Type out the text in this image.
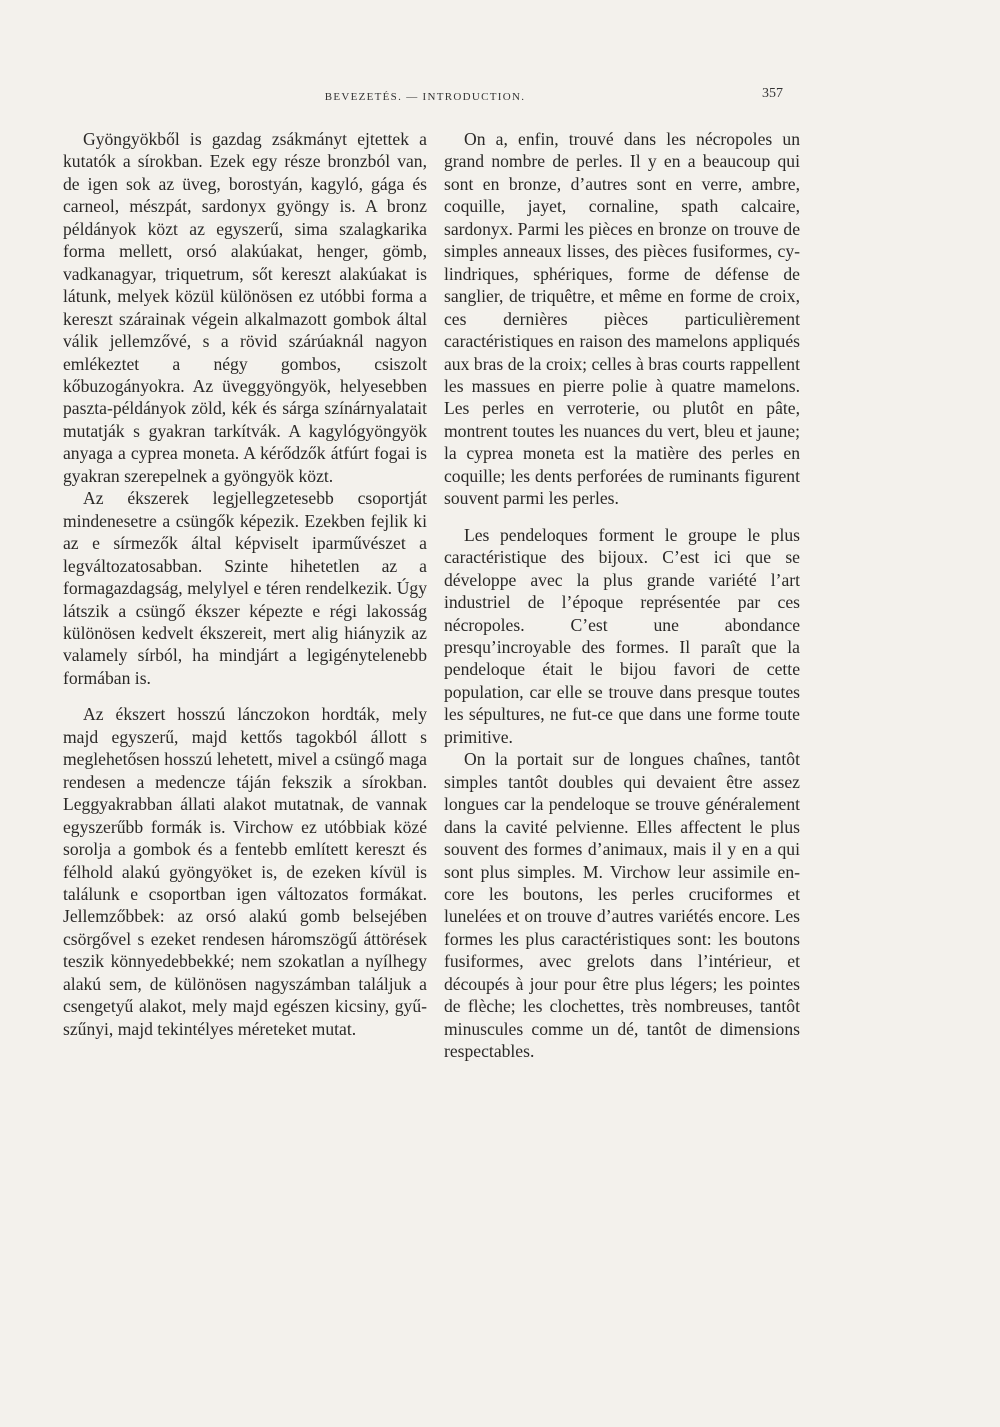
BEVEZETÉS. — INTRODUCTION.	357

Gyöngyökből is gazdag zsákmányt ejtettek a kutatók a sírokban. Ezek egy része bronzból van, de igen sok az üveg, borostyán, kagyló, gága és carneol, mészpát, sardonyx gyöngy is. A bronz példányok közt az egyszerű, sima szalagkarika forma mellett, orsó alakúakat, henger, gömb, vadkanagyar, triquetrum, sőt kereszt alakúakat is látunk, melyek közül különösen ez utóbbi forma a kereszt szárainak végein alkalmazott gombok által válik jellemzővé, s a rövid szárúaknál nagyon emlékeztet a négy gombos, csiszolt kőbuzogányokra. Az üveggyöngyök, helyesebben paszta-példányok zöld, kék és sárga színárnyalatait mutatják s gyakran tarkítvák. A kagylógyöngyök anyaga a cyprea moneta. A kérődzők átfúrt fogai is gyakran szerepelnek a gyöngyök közt.

Az ékszerek legjellegzetesebb csoportját mindenesetre a csüngők képezik. Ezekben fejlik ki az e sírmezők által képviselt iparművészet a legváltozatosabban. Szinte hihetetlen az a formagazdagság, melylyel e téren rendelkezik. Úgy látszik a csüngő ékszer képezte e régi lakosság különösen kedvelt ékszereit, mert alig hiányzik az valamely sírból, ha mindjárt a legigénytelenebb formában is.

Az ékszert hosszú lánczokon hordták, mely majd egyszerű, majd kettős tagokból állott s meglehetősen hosszú lehetett, mivel a csüngő maga rendesen a medencze táján fekszik a sírokban. Leggyakrabban állati alakot mutatnak, de vannak egyszerűbb formák is. Virchow ez utóbbiak közé sorolja a gombok és a fentebb említett kereszt és félhold alakú gyöngyöket is, de ezeken kívül is találunk e csoportban igen változatos formákat. Jellemzőbbek: az orsó alakú gomb belsejében csörgővel s ezeket rendesen háromszögű áttörések teszik könnyedebbekké; nem szokatlan a nyílhegy alakú sem, de különösen nagyszámban találjuk a csengetyű alakot, mely majd egészen kicsiny, gyűszűnyi, majd tekintélyes méreteket mutat.

On a, enfin, trouvé dans les nécropoles un grand nombre de perles. Il y en a beaucoup qui sont en bronze, d’autres sont en verre, ambre, coquille, jayet, cornaline, spath calcaire, sardonyx. Parmi les pièces en bronze on trouve de simples anneaux lisses, des pièces fusiformes, cylindriques, sphériques, forme de défense de sanglier, de triquêtre, et même en forme de croix, ces dernières pièces particulièrement caractéristiques en raison des mamelons appliqués aux bras de la croix; celles à bras courts rappellent les massues en pierre polie à quatre mamelons. Les perles en verroterie, ou plutôt en pâte, montrent toutes les nuances du vert, bleu et jaune; la cyprea moneta est la matière des perles en coquille; les dents perforées de ruminants figurent souvent parmi les perles.

Les pendeloques forment le groupe le plus caractéristique des bijoux. C’est ici que se développe avec la plus grande variété l’art industriel de l’époque représentée par ces nécropoles. C’est une abondance presqu’incroyable des formes. Il paraît que la pendeloque était le bijou favori de cette population, car elle se trouve dans presque toutes les sépultures, ne fut-ce que dans une forme toute primitive.

On la portait sur de longues chaînes, tantôt simples tantôt doubles qui devaient être assez longues car la pendeloque se trouve généralement dans la cavité pelvienne. Elles affectent le plus souvent des formes d’animaux, mais il y en a qui sont plus simples. M. Virchow leur assimile encore les boutons, les perles cruciformes et lunelées et on trouve d’autres variétés encore. Les formes les plus caractéristiques sont: les boutons fusiformes, avec grelots dans l’intérieur, et découpés à jour pour être plus légers; les pointes de flèche; les clochettes, très nombreuses, tantôt minuscules comme un dé, tantôt de dimensions respectables.
